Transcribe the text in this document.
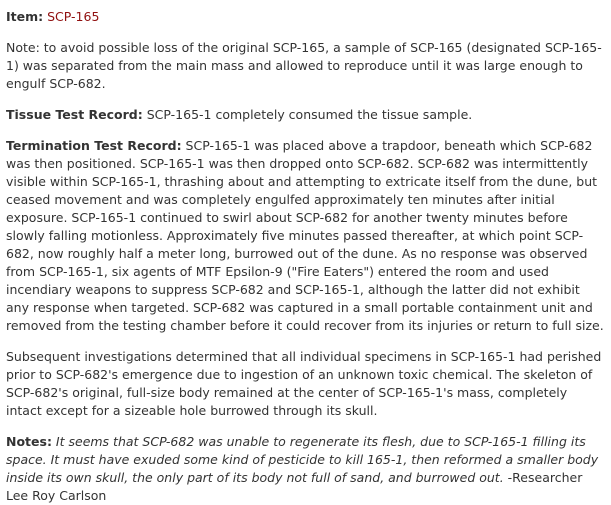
Item: SCP-165

Note: to avoid possible loss of the original SCP-165, a sample of SCP-165 (designated SCP-165-1) was separated from the main mass and allowed to reproduce until it was large enough to engulf SCP-682.

Tissue Test Record: SCP-165-1 completely consumed the tissue sample.

Termination Test Record: SCP-165-1 was placed above a trapdoor, beneath which SCP-682 was then positioned. SCP-165-1 was then dropped onto SCP-682. SCP-682 was intermittently visible within SCP-165-1, thrashing about and attempting to extricate itself from the dune, but ceased movement and was completely engulfed approximately ten minutes after initial exposure. SCP-165-1 continued to swirl about SCP-682 for another twenty minutes before slowly falling motionless. Approximately five minutes passed thereafter, at which point SCP-682, now roughly half a meter long, burrowed out of the dune. As no response was observed from SCP-165-1, six agents of MTF Epsilon-9 ("Fire Eaters") entered the room and used incendiary weapons to suppress SCP-682 and SCP-165-1, although the latter did not exhibit any response when targeted. SCP-682 was captured in a small portable containment unit and removed from the testing chamber before it could recover from its injuries or return to full size.

Subsequent investigations determined that all individual specimens in SCP-165-1 had perished prior to SCP-682's emergence due to ingestion of an unknown toxic chemical. The skeleton of SCP-682's original, full-size body remained at the center of SCP-165-1's mass, completely intact except for a sizeable hole burrowed through its skull.

Notes: It seems that SCP-682 was unable to regenerate its flesh, due to SCP-165-1 filling its space. It must have exuded some kind of pesticide to kill 165-1, then reformed a smaller body inside its own skull, the only part of its body not full of sand, and burrowed out. -Researcher Lee Roy Carlson
